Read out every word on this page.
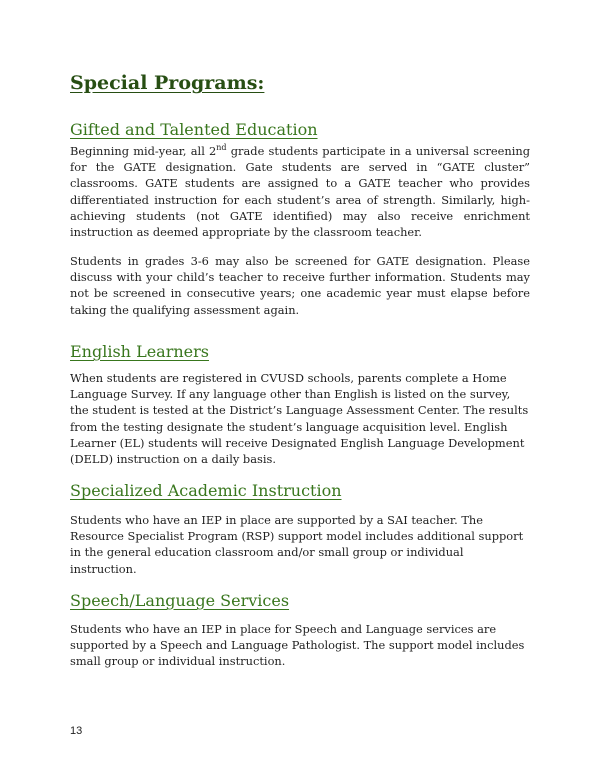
Special Programs:
Gifted and Talented Education

Beginning mid-year, all 2nd grade students participate in a universal screening for the GATE designation. Gate students are served in “GATE cluster” classrooms. GATE students are assigned to a GATE teacher who provides differentiated instruction for each student’s area of strength. Similarly, high-achieving students (not GATE identified) may also receive enrichment instruction as deemed appropriate by the classroom teacher.

Students in grades 3-6 may also be screened for GATE designation. Please discuss with your child’s teacher to receive further information. Students may not be screened in consecutive years; one academic year must elapse before taking the qualifying assessment again.

English Learners

When students are registered in CVUSD schools, parents complete a Home Language Survey. If any language other than English is listed on the survey, the student is tested at the District’s Language Assessment Center. The results from the testing designate the student’s language acquisition level. English Learner (EL) students will receive Designated English Language Development (DELD) instruction on a daily basis.

Specialized Academic Instruction

Students who have an IEP in place are supported by a SAI teacher. The Resource Specialist Program (RSP) support model includes additional support in the general education classroom and/or small group or individual instruction.

Speech/Language Services

Students who have an IEP in place for Speech and Language services are supported by a Speech and Language Pathologist. The support model includes small group or individual instruction.

13
